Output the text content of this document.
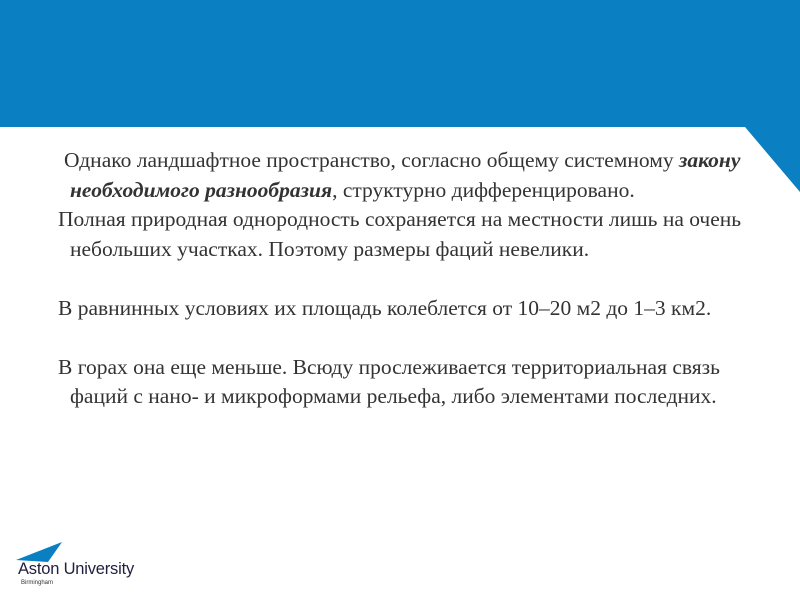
Однако ландшафтное пространство, согласно общему системному закону необходимого разнообразия, структурно дифференцировано.

Полная природная однородность сохраняется на местности лишь на очень небольших участках. Поэтому размеры фаций невелики.

В равнинных условиях их площадь колеблется от 10–20 м2 до 1–3 км2.

В горах она еще меньше. Всюду прослеживается территориальная связь фаций с нано- и микроформами рельефа, либо элементами последних.

Aston University
Birmingham
